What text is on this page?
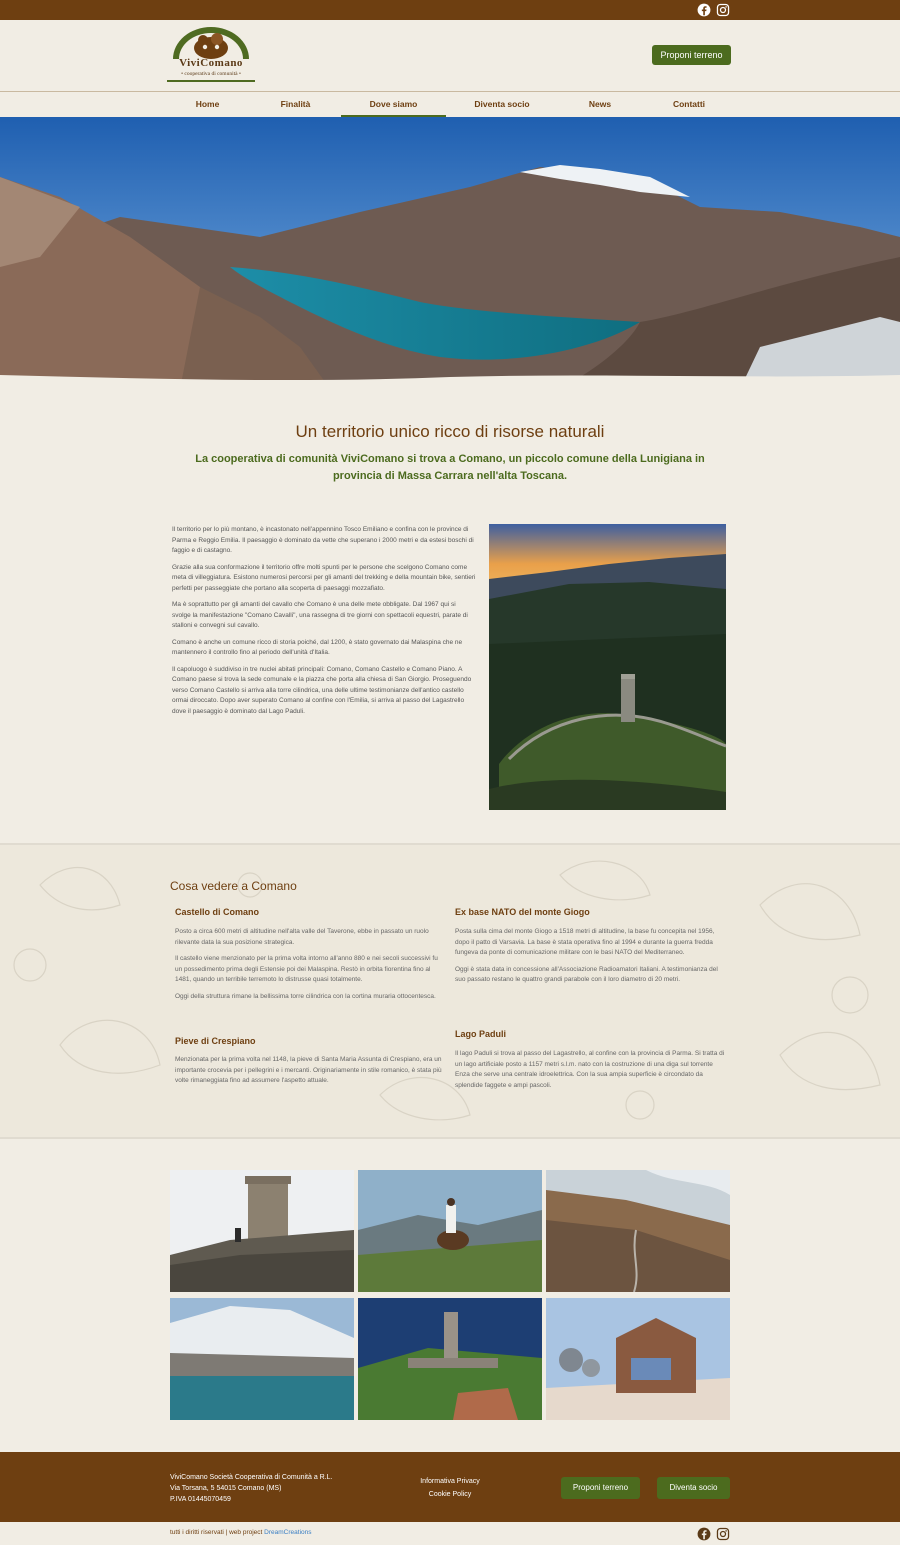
ViviComano
• cooperativa di comunità •
Proponi terreno
Home	Finalità	Dove siamo	Diventa socio	News	Contatti
Un territorio unico ricco di risorse naturali
La cooperativa di comunità ViviComano si trova a Comano, un piccolo comune della Lunigiana in provincia di Massa Carrara nell'alta Toscana.

Il territorio per lo più montano, è incastonato nell'appennino Tosco Emiliano e confina con le province di Parma e Reggio Emilia. Il paesaggio è dominato da vette che superano i 2000 metri e da estesi boschi di faggio e di castagno.

Grazie alla sua conformazione il territorio offre molti spunti per le persone che scelgono Comano come meta di villeggiatura. Esistono numerosi percorsi per gli amanti del trekking e della mountain bike, sentieri perfetti per passeggiate che portano alla scoperta di paesaggi mozzafiato.

Ma è soprattutto per gli amanti del cavallo che Comano è una delle mete obbligate. Dal 1967 qui si svolge la manifestazione "Comano Cavalli", una rassegna di tre giorni con spettacoli equestri, parate di stalloni e convegni sul cavallo.

Comano è anche un comune ricco di storia poiché, dal 1200, è stato governato dai Malaspina che ne mantennero il controllo fino al periodo dell'unità d'Italia.

Il capoluogo è suddiviso in tre nuclei abitati principali: Comano, Comano Castello e Comano Piano. A Comano paese si trova la sede comunale e la piazza che porta alla chiesa di San Giorgio. Proseguendo verso Comano Castello si arriva alla torre cilindrica, una delle ultime testimonianze dell'antico castello ormai diroccato. Dopo aver superato Comano al confine con l'Emilia, si arriva al passo del Lagastrello dove il paesaggio è dominato dal Lago Paduli.

Cosa vedere a Comano
Castello di Comano

Posto a circa 600 metri di altitudine nell'alta valle del Taverone, ebbe in passato un ruolo rilevante data la sua posizione strategica.

Il castello viene menzionato per la prima volta intorno all'anno 880 e nei secoli successivi fu un possedimento prima degli Estensie poi dei Malaspina. Restò in orbita fiorentina fino al 1481, quando un terribile terremoto lo distrusse quasi totalmente.

Oggi della struttura rimane la bellissima torre cilindrica con la cortina muraria ottocentesca.

Ex base NATO del monte Giogo

Posta sulla cima del monte Giogo a 1518 metri di altitudine, la base fu concepita nel 1956, dopo il patto di Varsavia. La base è stata operativa fino al 1994 e durante la guerra fredda fungeva da ponte di comunicazione militare con le basi NATO del Mediterraneo.

Oggi è stata data in concessione all'Associazione Radioamatori Italiani. A testimonianza del suo passato restano le quattro grandi parabole con il loro diametro di 20 metri.

Pieve di Crespiano

Menzionata per la prima volta nel 1148, la pieve di Santa Maria Assunta di Crespiano, era un importante crocevia per i pellegrini e i mercanti. Originariamente in stile romanico, è stata più volte rimaneggiata fino ad assumere l'aspetto attuale.

Lago Paduli

Il lago Paduli si trova al passo del Lagastrello, al confine con la provincia di Parma. Si tratta di un lago artificiale posto a 1157 metri s.l.m. nato con la costruzione di una diga sul torrente Enza che serve una centrale idroelettrica. Con la sua ampia superficie è circondato da splendide faggete e ampi pascoli.

ViviComano Società Cooperativa di Comunità a R.L.
Via Torsana, 5 54015 Comano (MS)
P.IVA 01445070459
Informativa Privacy
Cookie Policy
Proponi terreno	Diventa socio
tutti i diritti riservati | web project DreamCreations
